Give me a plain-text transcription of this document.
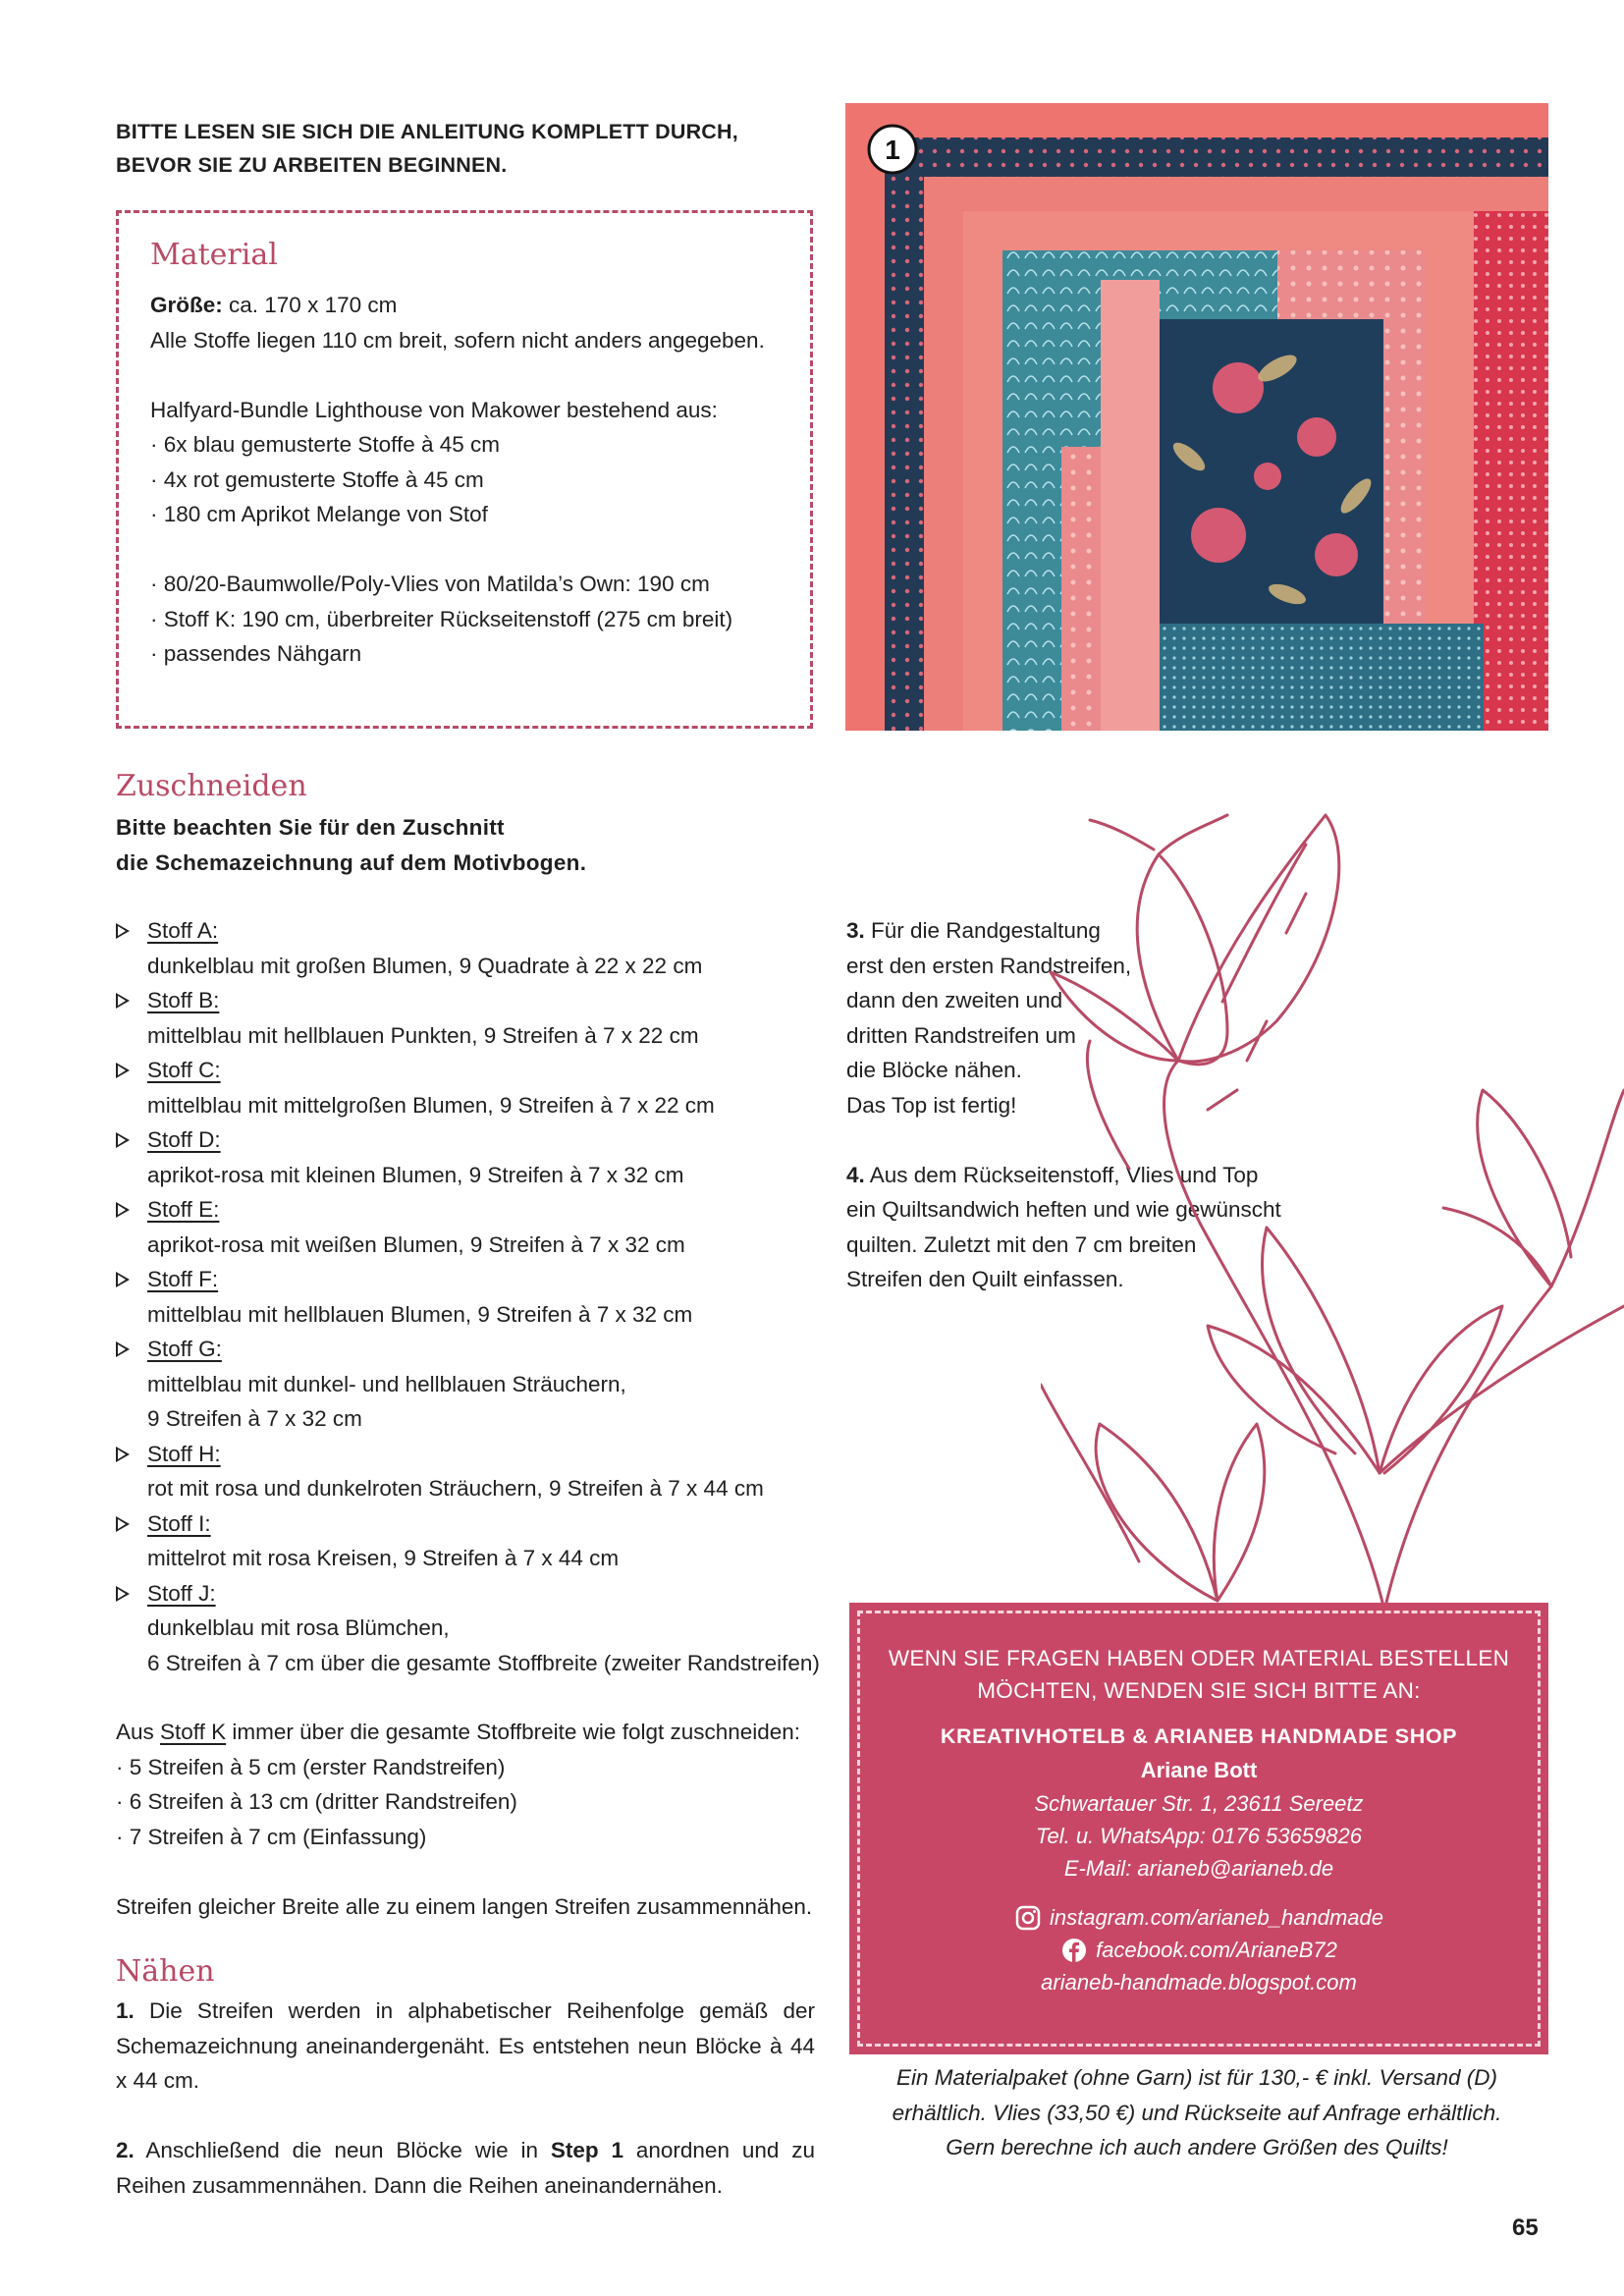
BITTE LESEN SIE SICH DIE ANLEITUNG KOMPLETT DURCH,
BEVOR SIE ZU ARBEITEN BEGINNEN.
Material
Größe: ca. 170 x 170 cm
Alle Stoffe liegen 110 cm breit, sofern nicht anders angegeben.
Halfyard-Bundle Lighthouse von Makower bestehend aus:
· 6x blau gemusterte Stoffe à 45 cm
· 4x rot gemusterte Stoffe à 45 cm
· 180 cm Aprikot Melange von Stof
· 80/20-Baumwolle/Poly-Vlies von Matilda’s Own: 190 cm
· Stoff K: 190 cm, überbreiter Rückseitenstoff (275 cm breit)
· passendes Nähgarn
1
Zuschneiden
Bitte beachten Sie für den Zuschnitt
die Schemazeichnung auf dem Motivbogen.
Stoff A:
dunkelblau mit großen Blumen, 9 Quadrate à 22 x 22 cm
Stoff B:
mittelblau mit hellblauen Punkten, 9 Streifen à 7 x 22 cm
Stoff C:
mittelblau mit mittelgroßen Blumen, 9 Streifen à 7 x 22 cm
Stoff D:
aprikot-rosa mit kleinen Blumen, 9 Streifen à 7 x 32 cm
Stoff E:
aprikot-rosa mit weißen Blumen, 9 Streifen à 7 x 32 cm
Stoff F:
mittelblau mit hellblauen Blumen, 9 Streifen à 7 x 32 cm
Stoff G:
mittelblau mit dunkel- und hellblauen Sträuchern,
9 Streifen à 7 x 32 cm
Stoff H:
rot mit rosa und dunkelroten Sträuchern, 9 Streifen à 7 x 44 cm
Stoff I:
mittelrot mit rosa Kreisen, 9 Streifen à 7 x 44 cm
Stoff J:
dunkelblau mit rosa Blümchen,
6 Streifen à 7 cm über die gesamte Stoffbreite (zweiter Randstreifen)
Aus Stoff K immer über die gesamte Stoffbreite wie folgt zuschneiden:
· 5 Streifen à 5 cm (erster Randstreifen)
· 6 Streifen à 13 cm (dritter Randstreifen)
· 7 Streifen à 7 cm (Einfassung)
Streifen gleicher Breite alle zu einem langen Streifen zusammennähen.
Nähen
1. Die Streifen werden in alphabetischer Reihenfolge gemäß der Schemazeichnung aneinandergenäht. Es entstehen neun Blöcke à 44 x 44 cm.
2. Anschließend die neun Blöcke wie in Step 1 anordnen und zu Reihen zusammennähen. Dann die Reihen aneinandernähen.
3. Für die Randgestaltung
erst den ersten Randstreifen,
dann den zweiten und
dritten Randstreifen um
die Blöcke nähen.
Das Top ist fertig!
4. Aus dem Rückseitenstoff, Vlies und Top
ein Quiltsandwich heften und wie gewünscht
quilten. Zuletzt mit den 7 cm breiten
Streifen den Quilt einfassen.
WENN SIE FRAGEN HABEN ODER MATERIAL BESTELLEN
MÖCHTEN, WENDEN SIE SICH BITTE AN:
KREATIVHOTELB & ARIANEB HANDMADE SHOP
Ariane Bott
Schwartauer Str. 1, 23611 Sereetz
Tel. u. WhatsApp: 0176 53659826
E-Mail: arianeb@arianeb.de
instagram.com/arianeb_handmade
facebook.com/ArianeB72
arianeb-handmade.blogspot.com
Ein Materialpaket (ohne Garn) ist für 130,- € inkl. Versand (D)
erhältlich. Vlies (33,50 €) und Rückseite auf Anfrage erhältlich.
Gern berechne ich auch andere Größen des Quilts!
65
